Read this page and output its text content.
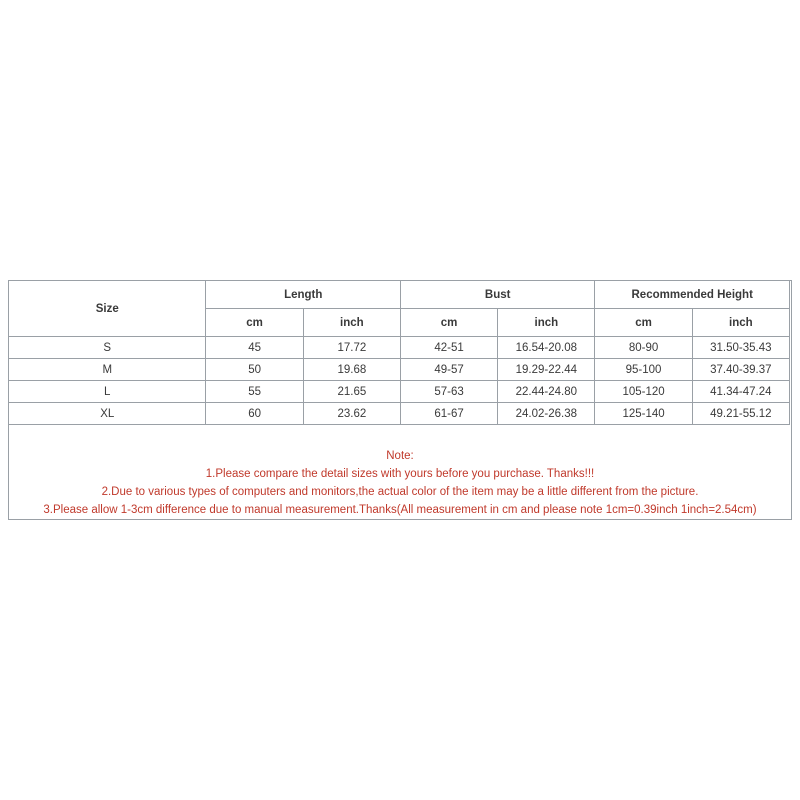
Size	Length		Bust		Recommended Height	
	cm	inch	cm	inch	cm	inch
S	45	17.72	42-51	16.54-20.08	80-90	31.50-35.43
M	50	19.68	49-57	19.29-22.44	95-100	37.40-39.37
L	55	21.65	57-63	22.44-24.80	105-120	41.34-47.24
XL	60	23.62	61-67	24.02-26.38	125-140	49.21-55.12
Note:
1.Please compare the detail sizes with yours before you purchase. Thanks!!!
2.Due to various types of computers and monitors,the actual color of the item may be a little different from the picture.
3.Please allow 1-3cm difference due to manual measurement.Thanks(All measurement in cm and please note 1cm=0.39inch 1inch=2.54cm)
